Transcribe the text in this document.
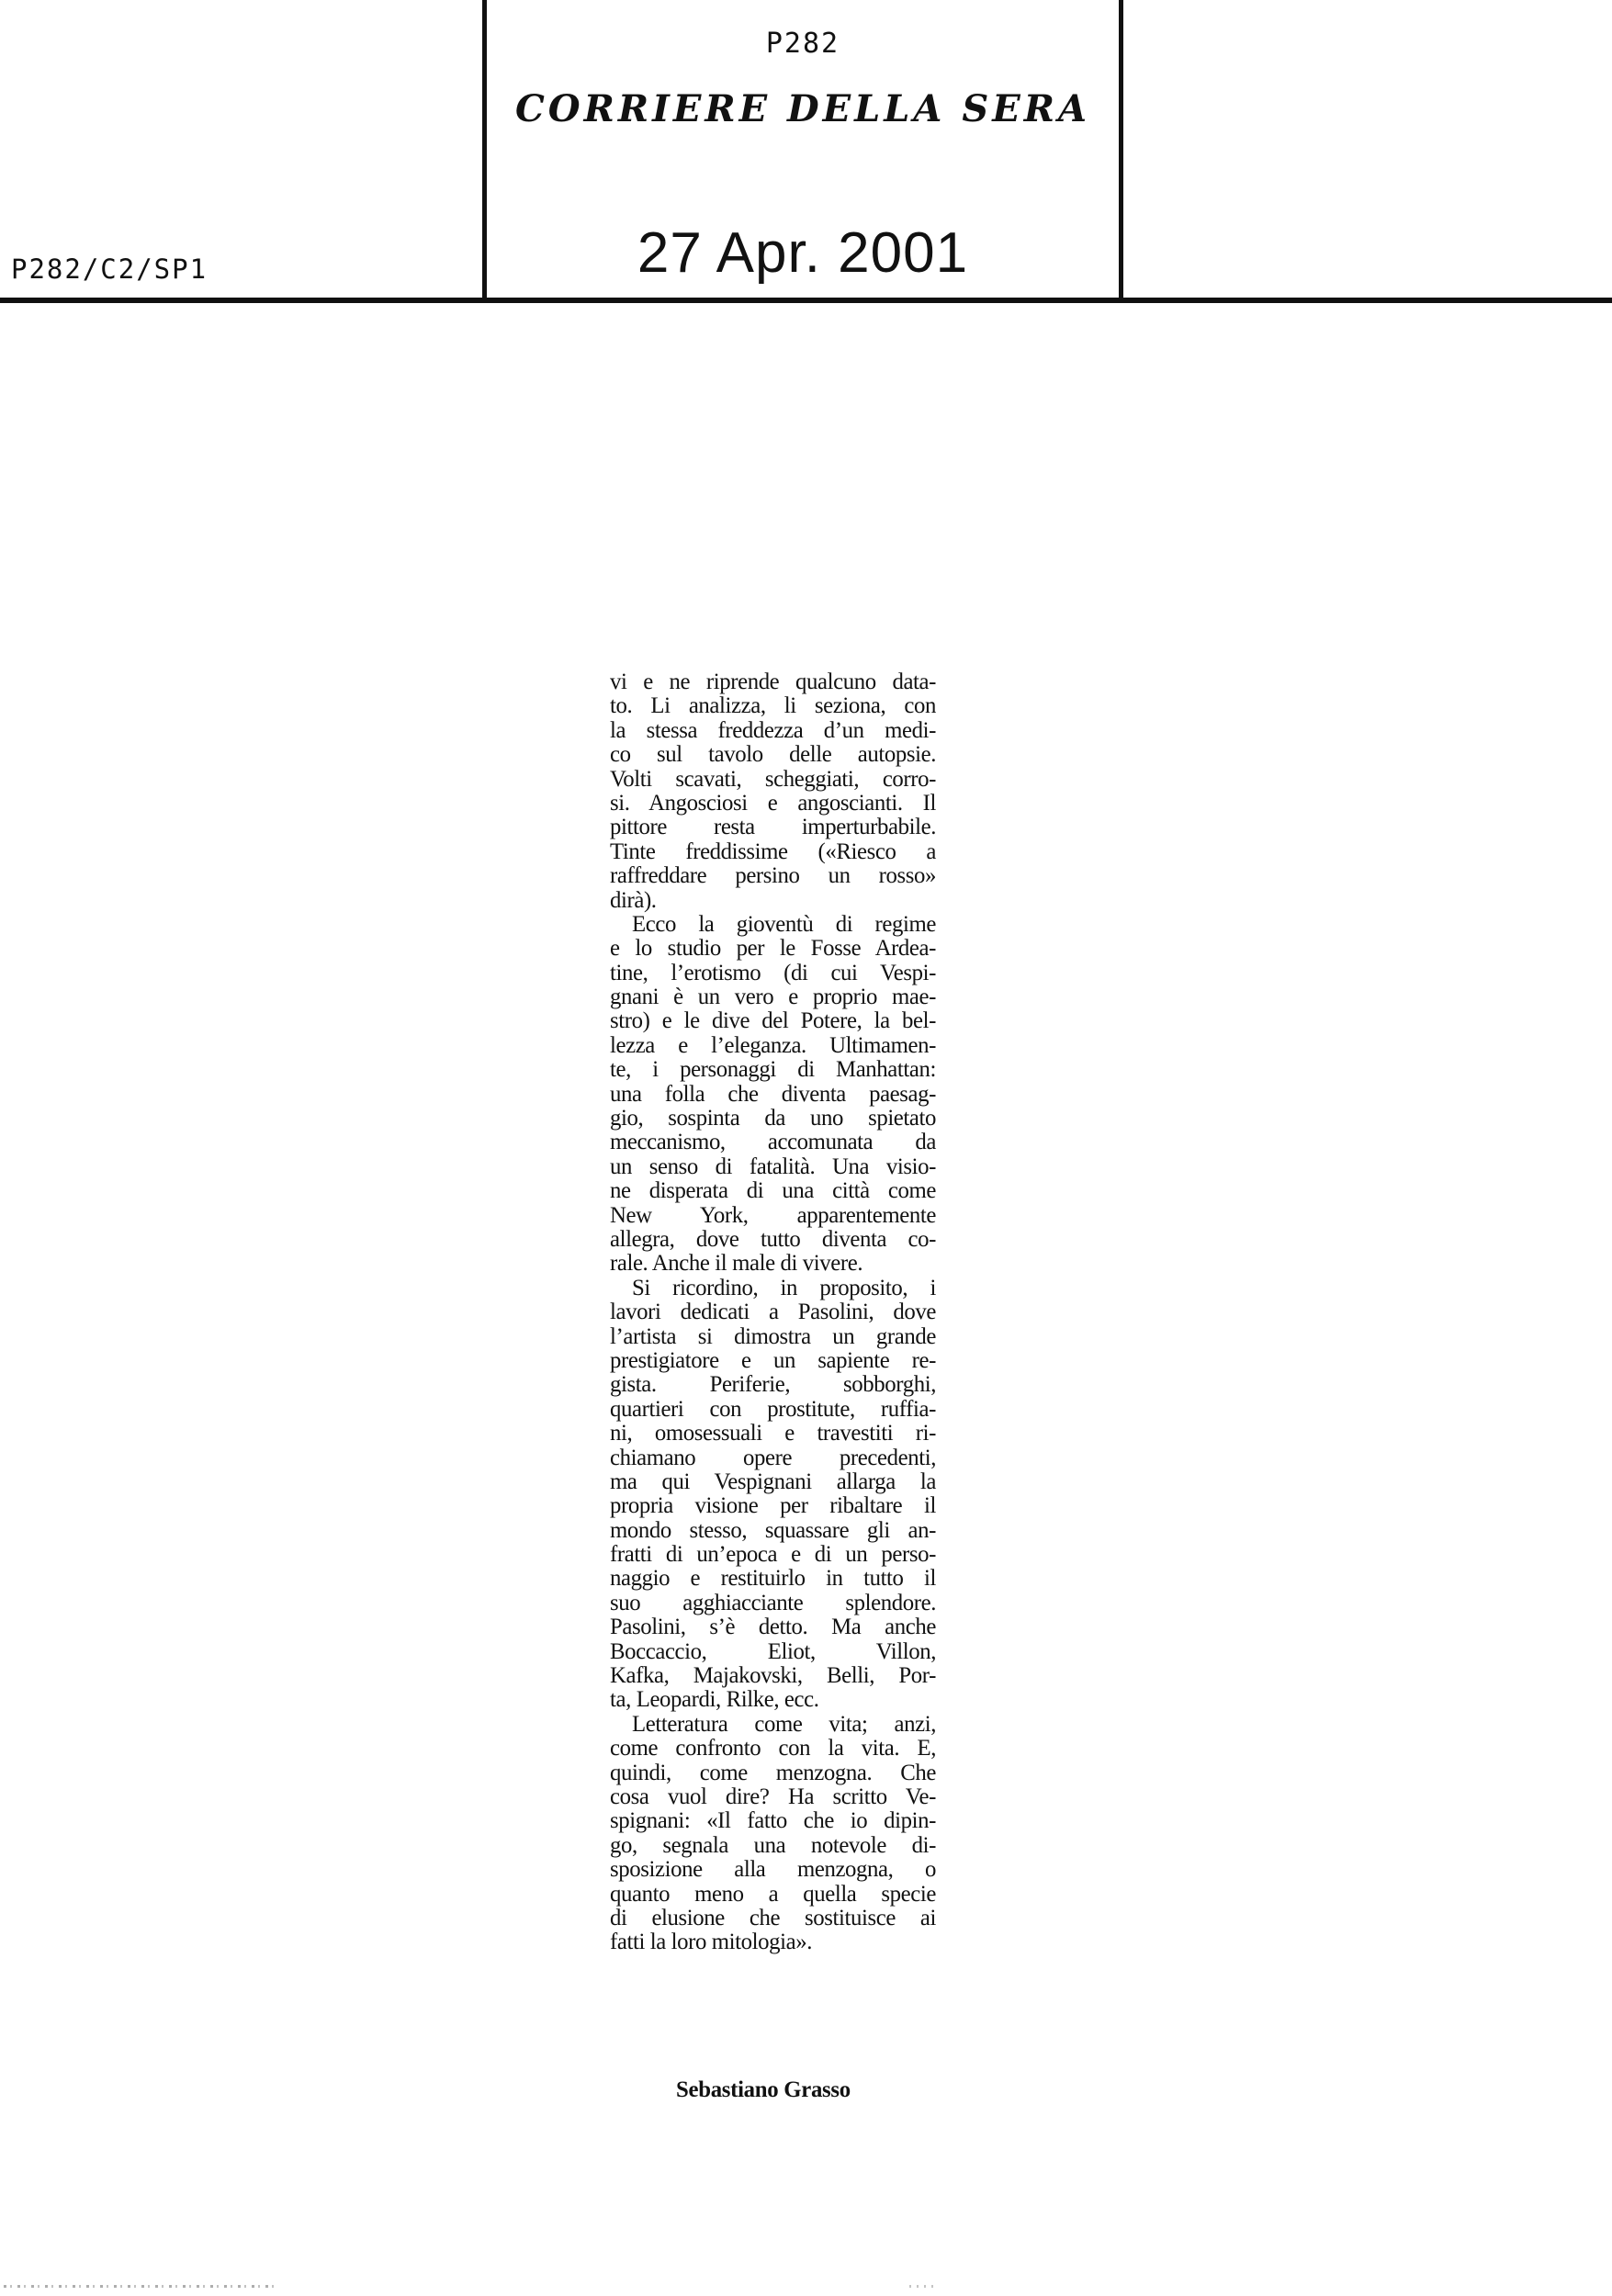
P282
CORRIERE DELLA SERA
27 Apr. 2001
P282/C2/SP1
vi e ne riprende qualcuno data-
to. Li analizza, li seziona, con
la stessa freddezza d’un medi-
co sul tavolo delle autopsie.
Volti scavati, scheggiati, corro-
si. Angosciosi e angoscianti. Il
pittore resta imperturbabile.
Tinte freddissime («Riesco a
raffreddare persino un rosso»
dirà).
Ecco la gioventù di regime
e lo studio per le Fosse Ardea-
tine, l’erotismo (di cui Vespi-
gnani è un vero e proprio mae-
stro) e le dive del Potere, la bel-
lezza e l’eleganza. Ultimamen-
te, i personaggi di Manhattan:
una folla che diventa paesag-
gio, sospinta da uno spietato
meccanismo, accomunata da
un senso di fatalità. Una visio-
ne disperata di una città come
New York, apparentemente
allegra, dove tutto diventa co-
rale. Anche il male di vivere.
Si ricordino, in proposito, i
lavori dedicati a Pasolini, dove
l’artista si dimostra un grande
prestigiatore e un sapiente re-
gista. Periferie, sobborghi,
quartieri con prostitute, ruffia-
ni, omosessuali e travestiti ri-
chiamano opere precedenti,
ma qui Vespignani allarga la
propria visione per ribaltare il
mondo stesso, squassare gli an-
fratti di un’epoca e di un perso-
naggio e restituirlo in tutto il
suo agghiacciante splendore.
Pasolini, s’è detto. Ma anche
Boccaccio, Eliot, Villon,
Kafka, Majakovski, Belli, Por-
ta, Leopardi, Rilke, ecc.
Letteratura come vita; anzi,
come confronto con la vita. E,
quindi, come menzogna. Che
cosa vuol dire? Ha scritto Ve-
spignani: «Il fatto che io dipin-
go, segnala una notevole di-
sposizione alla menzogna, o
quanto meno a quella specie
di elusione che sostituisce ai
fatti la loro mitologia».
Sebastiano Grasso
